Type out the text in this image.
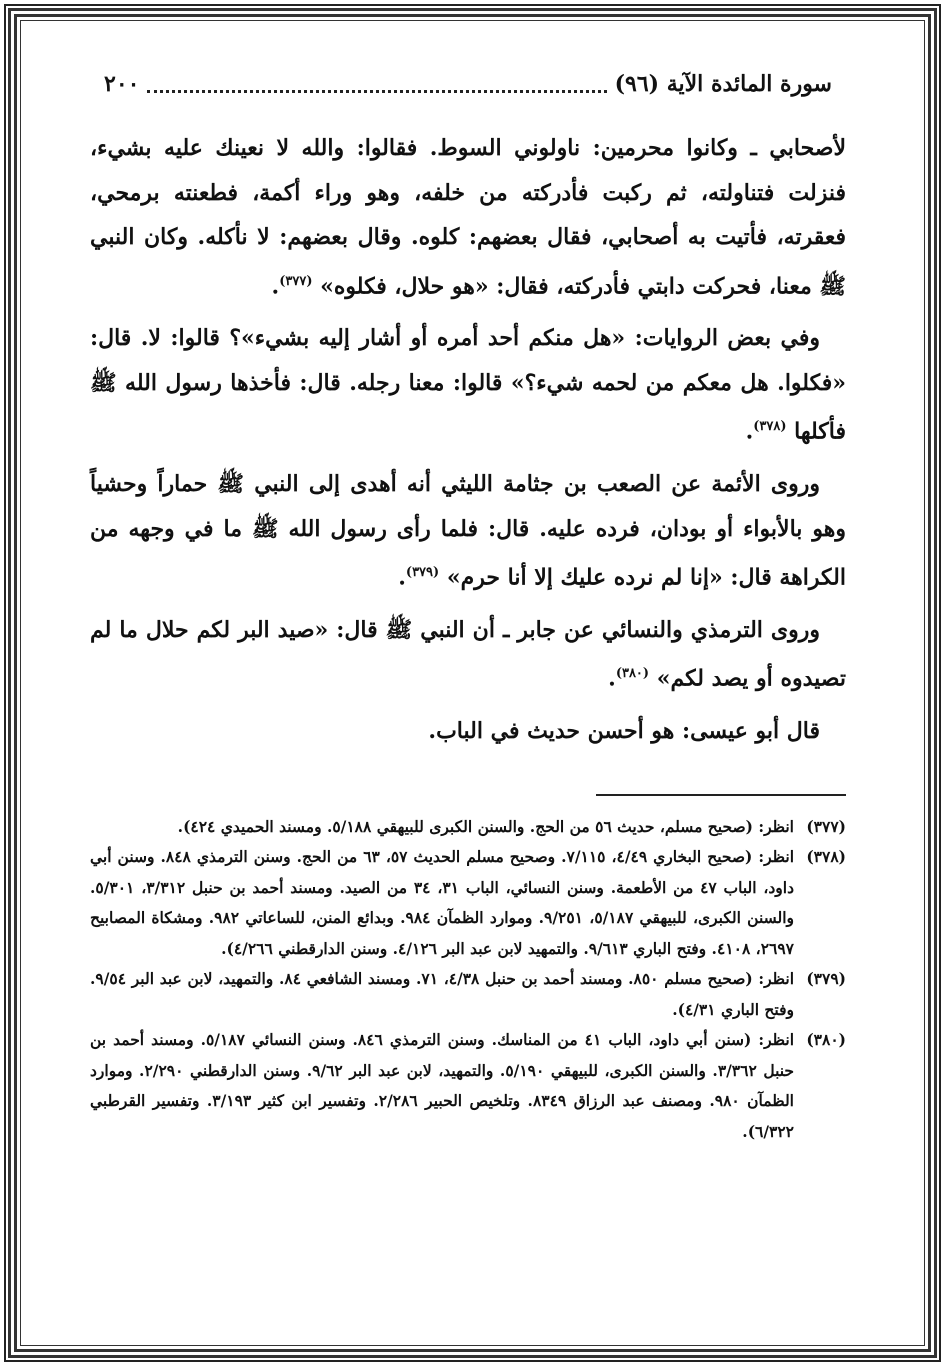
سورة المائدة الآية (٩٦)
٢٠٠

لأصحابي ـ وكانوا محرمين: ناولوني السوط. فقالوا: والله لا نعينك عليه بشيء، فنزلت فتناولته، ثم ركبت فأدركته من خلفه، وهو وراء أكمة، فطعنته برمحي، فعقرته، فأتيت به أصحابي، فقال بعضهم: كلوه. وقال بعضهم: لا نأكله. وكان النبي ﷺ معنا، فحركت دابتي فأدركته، فقال: «هو حلال، فكلوه» $^{(٣٧٧)}$.

وفي بعض الروايات: «هل منكم أحد أمره أو أشار إليه بشيء»؟ قالوا: لا. قال: «فكلوا. هل معكم من لحمه شيء؟» قالوا: معنا رجله. قال: فأخذها رسول الله ﷺ فأكلها $^{(٣٧٨)}$.

وروى الأئمة عن الصعب بن جثامة الليثي أنه أهدى إلى النبي ﷺ حماراً وحشياً وهو بالأبواء أو بودان، فرده عليه. قال: فلما رأى رسول الله ﷺ ما في وجهه من الكراهة قال: «إنا لم نرده عليك إلا أنا حرم» $^{(٣٧٩)}$.

وروى الترمذي والنسائي عن جابر ـ أن النبي ﷺ قال: «صيد البر لكم حلال ما لم تصيدوه أو يصد لكم» $^{(٣٨٠)}$.

قال أبو عيسى: هو أحسن حديث في الباب.

(٣٧٧)
انظر: (صحيح مسلم، حديث ٥٦ من الحج. والسنن الكبرى للبيهقي ٥/١٨٨. ومسند الحميدي ٤٢٤).
(٣٧٨)
انظر: (صحيح البخاري ٤/٤٩، ٧/١١٥. وصحيح مسلم الحديث ٥٧، ٦٣ من الحج. وسنن الترمذي ٨٤٨. وسنن أبي داود، الباب ٤٧ من الأطعمة. وسنن النسائي، الباب ٣١، ٣٤ من الصيد. ومسند أحمد بن حنبل ٣/٣١٢، ٥/٣٠١. والسنن الكبرى، للبيهقي ٥/١٨٧، ٩/٢٥١. وموارد الظمآن ٩٨٤. وبدائع المنن، للساعاتي ٩٨٢. ومشكاة المصابيح ٢٦٩٧، ٤١٠٨. وفتح الباري ٩/٦١٣. والتمهيد لابن عبد البر ٤/١٢٦. وسنن الدارقطني ٤/٢٦٦).
(٣٧٩)
انظر: (صحيح مسلم ٨٥٠. ومسند أحمد بن حنبل ٤/٣٨، ٧١. ومسند الشافعي ٨٤. والتمهيد، لابن عبد البر ٩/٥٤. وفتح الباري ٤/٣١).
(٣٨٠)
انظر: (سنن أبي داود، الباب ٤١ من المناسك. وسنن الترمذي ٨٤٦. وسنن النسائي ٥/١٨٧. ومسند أحمد بن حنبل ٣/٣٦٢. والسنن الكبرى، للبيهقي ٥/١٩٠. والتمهيد، لابن عبد البر ٩/٦٢. وسنن الدارقطني ٢/٢٩٠. وموارد الظمآن ٩٨٠. ومصنف عبد الرزاق ٨٣٤٩. وتلخيص الحبير ٢/٢٨٦. وتفسير ابن كثير ٣/١٩٣. وتفسير القرطبي ٦/٣٢٢).
